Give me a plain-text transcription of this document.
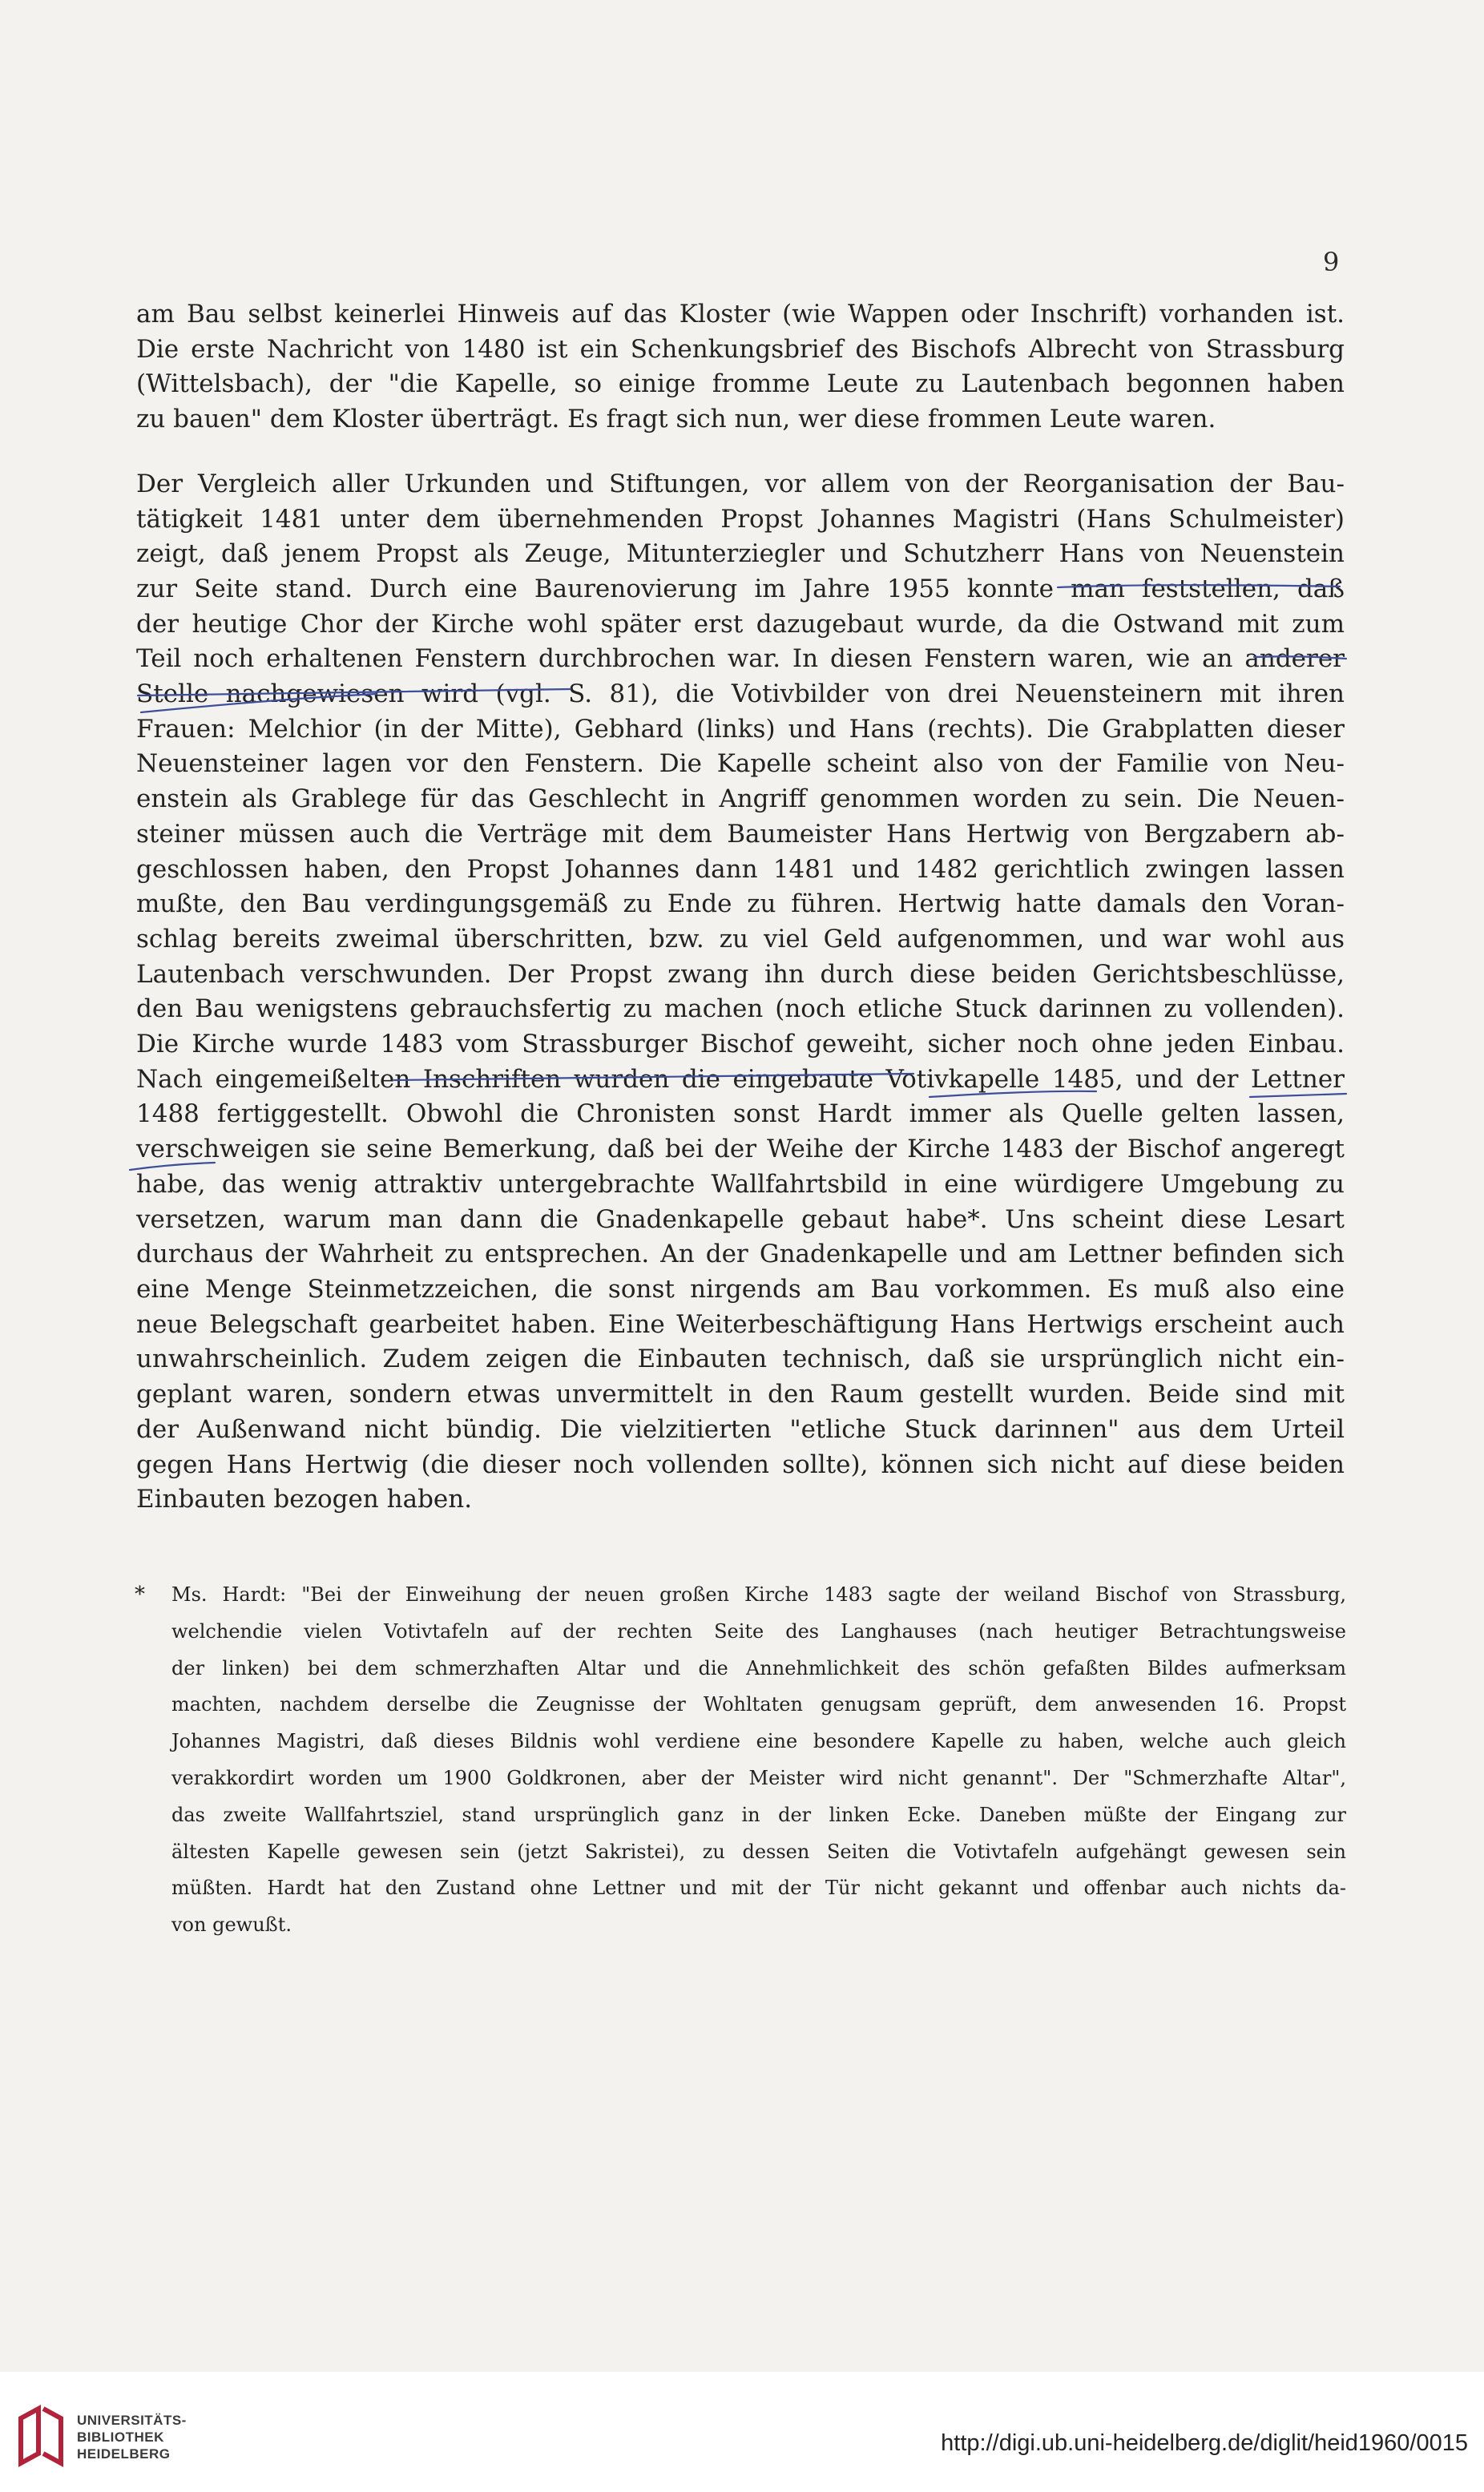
9
am Bau selbst keinerlei Hinweis auf das Kloster (wie Wappen oder Inschrift) vorhanden ist.
Die erste Nachricht von 1480 ist ein Schenkungsbrief des Bischofs Albrecht von Strassburg
(Wittelsbach), der "die Kapelle, so einige fromme Leute zu Lautenbach begonnen haben
zu bauen" dem Kloster überträgt. Es fragt sich nun, wer diese frommen Leute waren.
Der Vergleich aller Urkunden und Stiftungen, vor allem von der Reorganisation der Bau-
tätigkeit 1481 unter dem übernehmenden Propst Johannes Magistri (Hans Schulmeister)
zeigt, daß jenem Propst als Zeuge, Mitunterziegler und Schutzherr Hans von Neuenstein
zur Seite stand. Durch eine Baurenovierung im Jahre 1955 konnte man feststellen, daß
der heutige Chor der Kirche wohl später erst dazugebaut wurde, da die Ostwand mit zum
Teil noch erhaltenen Fenstern durchbrochen war. In diesen Fenstern waren, wie an anderer
Stelle nachgewiesen wird (vgl. S. 81), die Votivbilder von drei Neuensteinern mit ihren
Frauen: Melchior (in der Mitte), Gebhard (links) und Hans (rechts). Die Grabplatten dieser
Neuensteiner lagen vor den Fenstern. Die Kapelle scheint also von der Familie von Neu-
enstein als Grablege für das Geschlecht in Angriff genommen worden zu sein. Die Neuen-
steiner müssen auch die Verträge mit dem Baumeister Hans Hertwig von Bergzabern ab-
geschlossen haben, den Propst Johannes dann 1481 und 1482 gerichtlich zwingen lassen
mußte, den Bau verdingungsgemäß zu Ende zu führen. Hertwig hatte damals den Voran-
schlag bereits zweimal überschritten, bzw. zu viel Geld aufgenommen, und war wohl aus
Lautenbach verschwunden. Der Propst zwang ihn durch diese beiden Gerichtsbeschlüsse,
den Bau wenigstens gebrauchsfertig zu machen (noch etliche Stuck darinnen zu vollenden).
Die Kirche wurde 1483 vom Strassburger Bischof geweiht, sicher noch ohne jeden Einbau.
Nach eingemeißelten Inschriften wurden die eingebaute Votivkapelle 1485, und der Lettner
1488 fertiggestellt. Obwohl die Chronisten sonst Hardt immer als Quelle gelten lassen,
verschweigen sie seine Bemerkung, daß bei der Weihe der Kirche 1483 der Bischof angeregt
habe, das wenig attraktiv untergebrachte Wallfahrtsbild in eine würdigere Umgebung zu
versetzen, warum man dann die Gnadenkapelle gebaut habe*. Uns scheint diese Lesart
durchaus der Wahrheit zu entsprechen. An der Gnadenkapelle und am Lettner befinden sich
eine Menge Steinmetzzeichen, die sonst nirgends am Bau vorkommen. Es muß also eine
neue Belegschaft gearbeitet haben. Eine Weiterbeschäftigung Hans Hertwigs erscheint auch
unwahrscheinlich. Zudem zeigen die Einbauten technisch, daß sie ursprünglich nicht ein-
geplant waren, sondern etwas unvermittelt in den Raum gestellt wurden. Beide sind mit
der Außenwand nicht bündig. Die vielzitierten "etliche Stuck darinnen" aus dem Urteil
gegen Hans Hertwig (die dieser noch vollenden sollte), können sich nicht auf diese beiden
Einbauten bezogen haben.
*	Ms. Hardt: "Bei der Einweihung der neuen großen Kirche 1483 sagte der weiland Bischof von Strassburg,
welchendie vielen Votivtafeln auf der rechten Seite des Langhauses (nach heutiger Betrachtungsweise
der linken) bei dem schmerzhaften Altar und die Annehmlichkeit des schön gefaßten Bildes aufmerksam
machten, nachdem derselbe die Zeugnisse der Wohltaten genugsam geprüft, dem anwesenden 16. Propst
Johannes Magistri, daß dieses Bildnis wohl verdiene eine besondere Kapelle zu haben, welche auch gleich
verakkordirt worden um 1900 Goldkronen, aber der Meister wird nicht genannt". Der "Schmerzhafte Altar",
das zweite Wallfahrtsziel, stand ursprünglich ganz in der linken Ecke. Daneben müßte der Eingang zur
ältesten Kapelle gewesen sein (jetzt Sakristei), zu dessen Seiten die Votivtafeln aufgehängt gewesen sein
müßten. Hardt hat den Zustand ohne Lettner und mit der Tür nicht gekannt und offenbar auch nichts da-
von gewußt.
UNIVERSITÄTS-
BIBLIOTHEK
HEIDELBERG	http://digi.ub.uni-heidelberg.de/diglit/heid1960/0015
